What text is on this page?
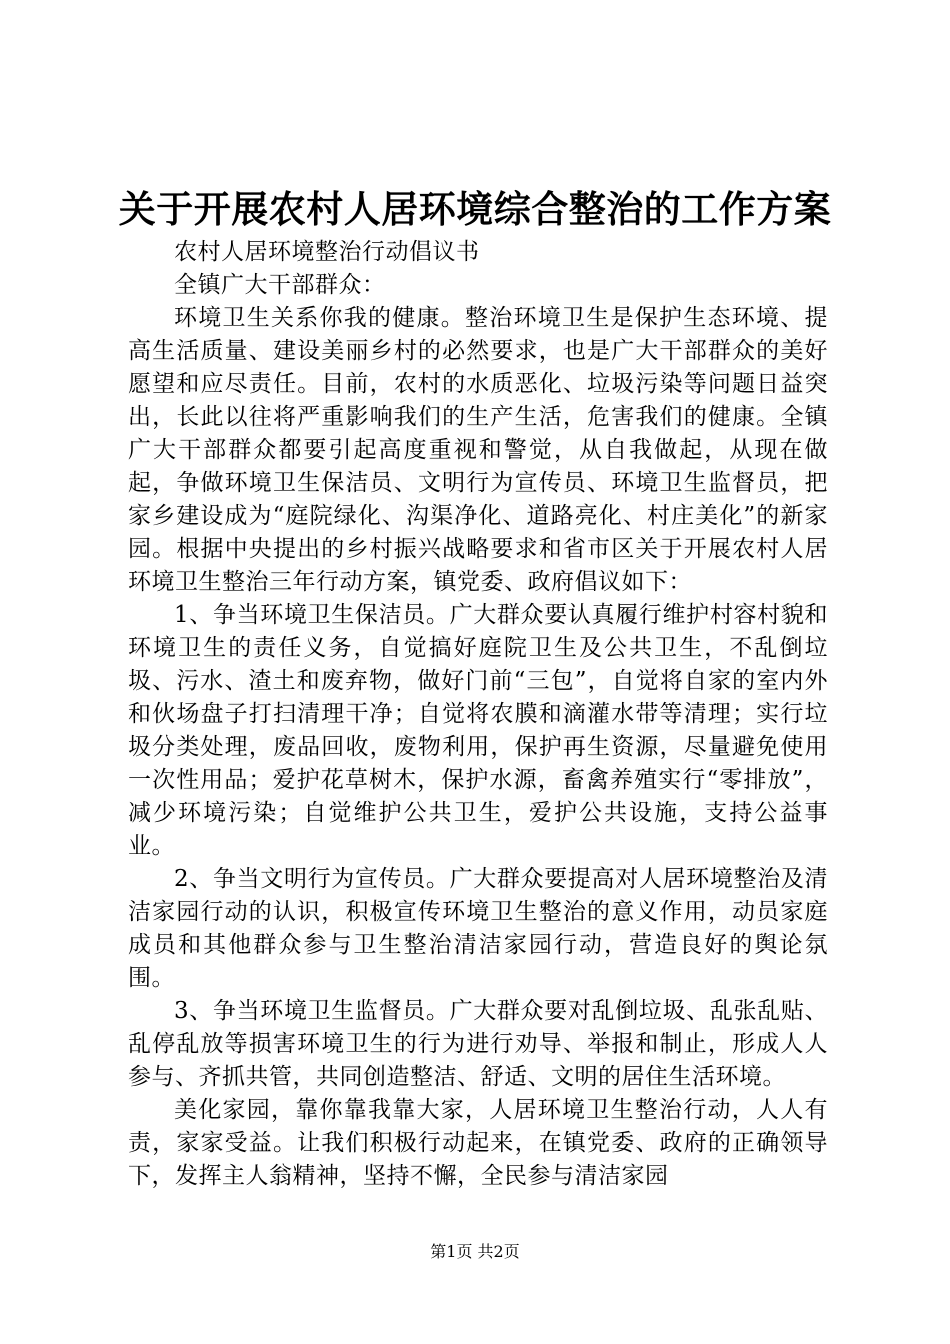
关于开展农村人居环境综合整治的工作方案

农村人居环境整治行动倡议书

全镇广大干部群众：

环境卫生关系你我的健康。整治环境卫生是保护生态环境、提高生活质量、建设美丽乡村的必然要求，也是广大干部群众的美好愿望和应尽责任。目前，农村的水质恶化、垃圾污染等问题日益突出，长此以往将严重影响我们的生产生活，危害我们的健康。全镇广大干部群众都要引起高度重视和警觉，从自我做起，从现在做起，争做环境卫生保洁员、文明行为宣传员、环境卫生监督员，把家乡建设成为“庭院绿化、沟渠净化、道路亮化、村庄美化”的新家园。根据中央提出的乡村振兴战略要求和省市区关于开展农村人居环境卫生整治三年行动方案，镇党委、政府倡议如下：

1、争当环境卫生保洁员。广大群众要认真履行维护村容村貌和环境卫生的责任义务，自觉搞好庭院卫生及公共卫生，不乱倒垃圾、污水、渣土和废弃物，做好门前“三包”，自觉将自家的室内外和伙场盘子打扫清理干净；自觉将农膜和滴灌水带等清理；实行垃圾分类处理，废品回收，废物利用，保护再生资源，尽量避免使用一次性用品；爱护花草树木，保护水源，畜禽养殖实行“零排放”，减少环境污染；自觉维护公共卫生，爱护公共设施，支持公益事业。

2、争当文明行为宣传员。广大群众要提高对人居环境整治及清洁家园行动的认识，积极宣传环境卫生整治的意义作用，动员家庭成员和其他群众参与卫生整治清洁家园行动，营造良好的舆论氛围。

3、争当环境卫生监督员。广大群众要对乱倒垃圾、乱张乱贴、乱停乱放等损害环境卫生的行为进行劝导、举报和制止，形成人人参与、齐抓共管，共同创造整洁、舒适、文明的居住生活环境。

美化家园，靠你靠我靠大家，人居环境卫生整治行动，人人有责，家家受益。让我们积极行动起来，在镇党委、政府的正确领导下，发挥主人翁精神，坚持不懈，全民参与清洁家园

第1页 共2页
